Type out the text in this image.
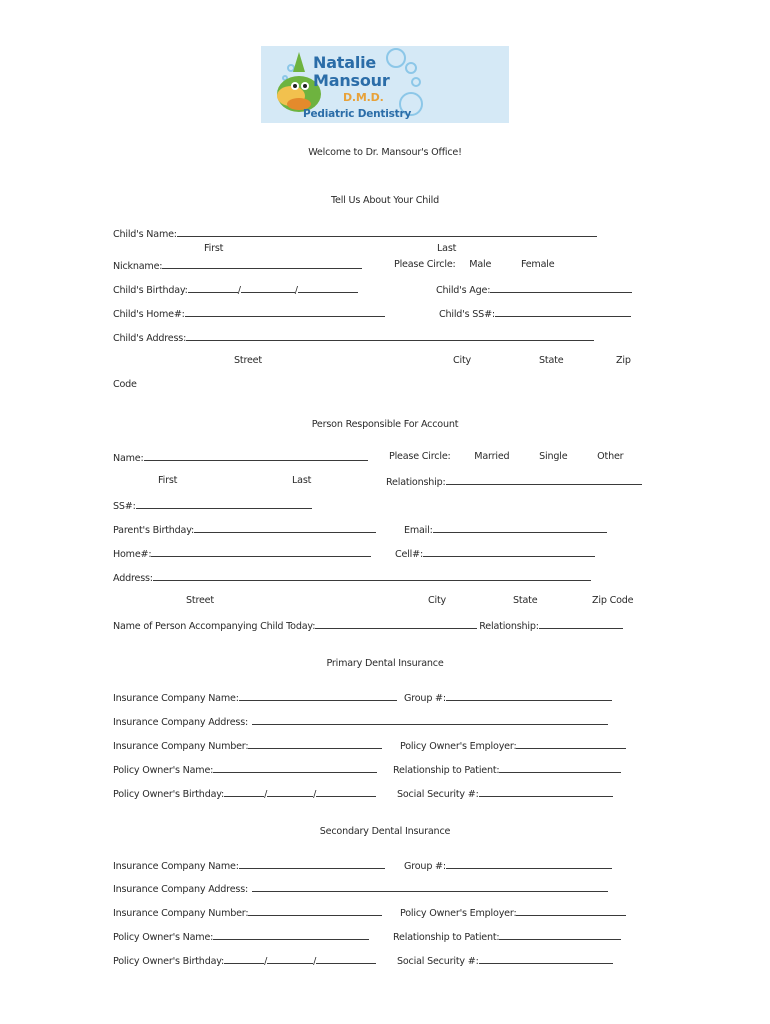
Natalie
Mansour
D.M.D.
Pediatric Dentistry
Welcome to Dr. Mansour's Office!
Tell Us About Your Child
Child's Name:
First	Last
Nickname:	Please Circle: Male	Female
Child's Birthday:	/	/	Child's Age:
Child's Home#:	Child's SS#:
Child's Address:
Street	City	State	Zip
Code
Person Responsible For Account
Name:	Please Circle: Married	Single	Other
First	Last	Relationship:
SS#:
Parent's Birthday:	Email:
Home#:	Cell#:
Address:
Street	City	State	Zip Code
Name of Person Accompanying Child Today:	Relationship:
Primary Dental Insurance
Insurance Company Name:	Group #:
Insurance Company Address:
Insurance Company Number:	Policy Owner's Employer:
Policy Owner's Name:	Relationship to Patient:
Policy Owner's Birthday:	/	/	Social Security #:
Secondary Dental Insurance
Insurance Company Name:	Group #:
Insurance Company Address:
Insurance Company Number:	Policy Owner's Employer:
Policy Owner's Name:	Relationship to Patient:
Policy Owner's Birthday:	/	/	Social Security #:
